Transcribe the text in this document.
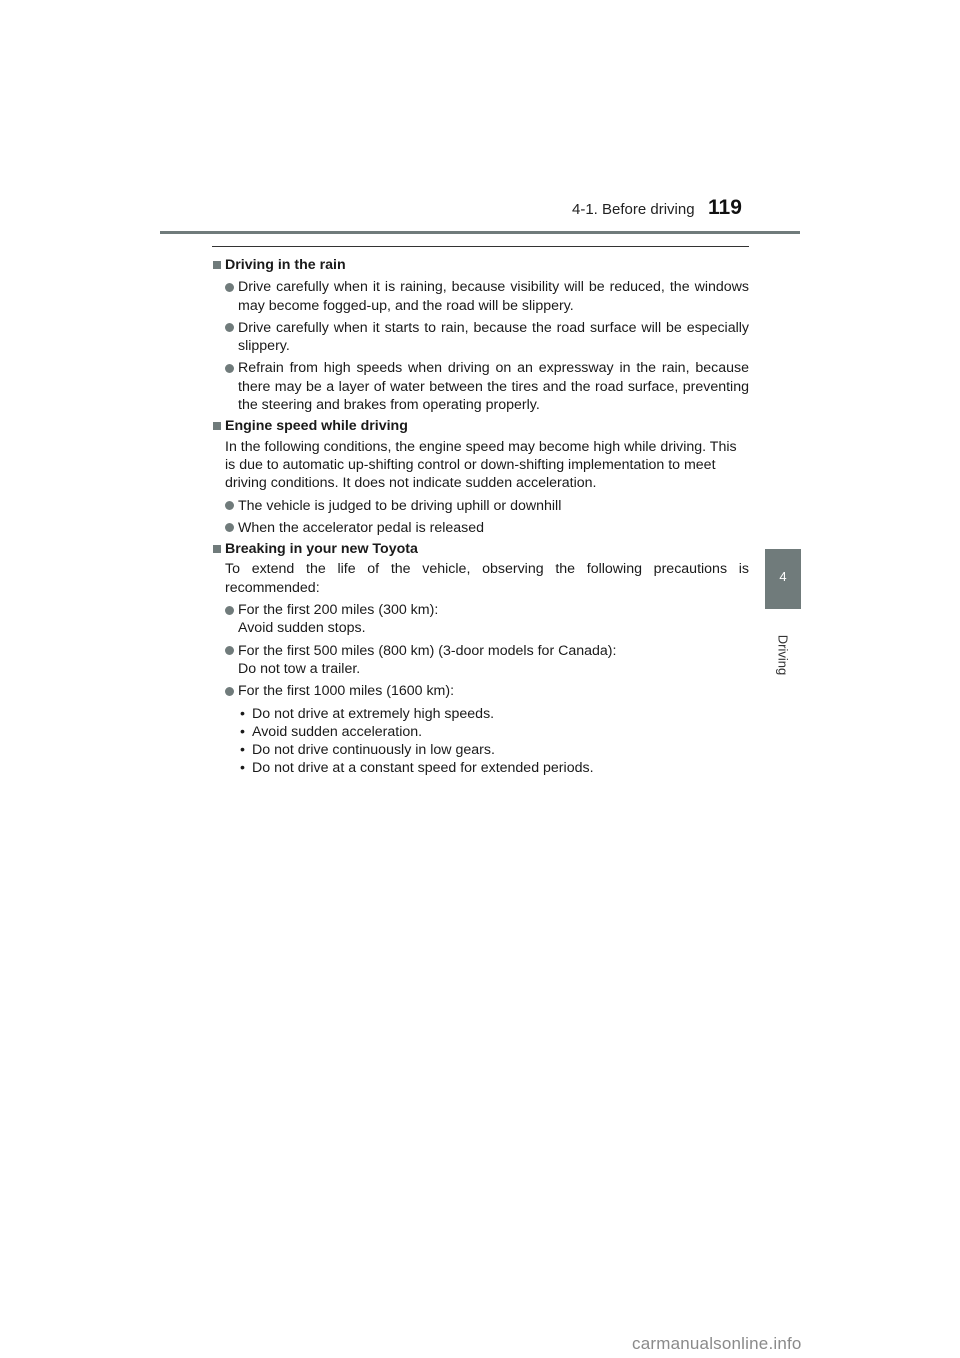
4-1. Before driving 119
4
Driving
Driving in the rain
Drive carefully when it is raining, because visibility will be reduced, the windows may become fogged-up, and the road will be slippery.
Drive carefully when it starts to rain, because the road surface will be especially slippery.
Refrain from high speeds when driving on an expressway in the rain, because there may be a layer of water between the tires and the road surface, preventing the steering and brakes from operating properly.
Engine speed while driving
In the following conditions, the engine speed may become high while driving. This is due to automatic up-shifting control or down-shifting implementation to meet driving conditions. It does not indicate sudden acceleration.
The vehicle is judged to be driving uphill or downhill
When the accelerator pedal is released
Breaking in your new Toyota
To extend the life of the vehicle, observing the following precautions is recommended:
For the first 200 miles (300 km):
Avoid sudden stops.
For the first 500 miles (800 km) (3-door models for Canada):
Do not tow a trailer.
For the first 1000 miles (1600 km):
• Do not drive at extremely high speeds.
• Avoid sudden acceleration.
• Do not drive continuously in low gears.
• Do not drive at a constant speed for extended periods.
carmanualsonline.info
